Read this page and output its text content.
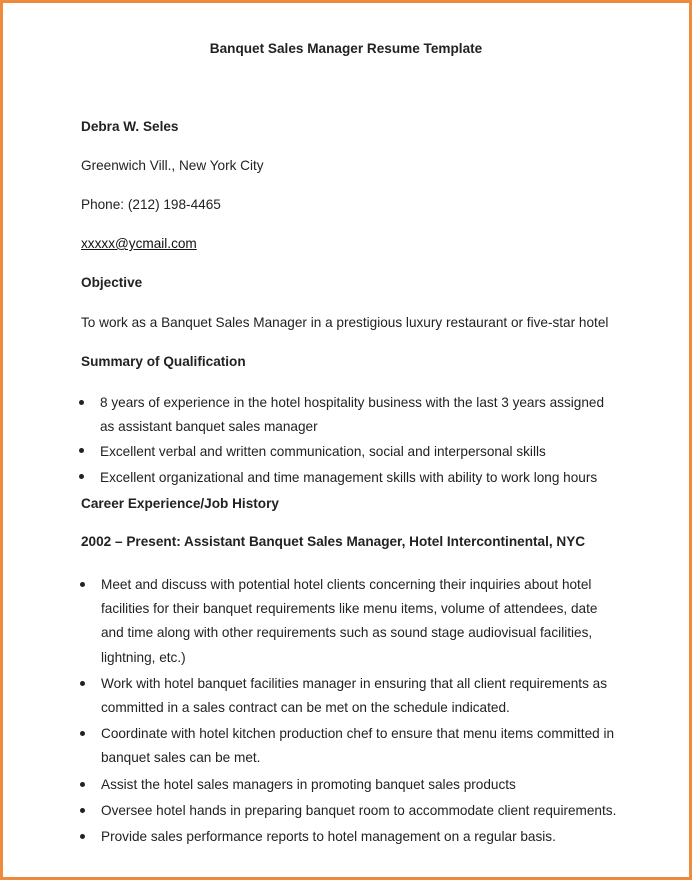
Banquet Sales Manager Resume Template
Debra W. Seles
Greenwich Vill., New York City
Phone: (212) 198-4465
xxxxx@ycmail.com
Objective
To work as a Banquet Sales Manager in a prestigious luxury restaurant or five-star hotel
Summary of Qualification
8 years of experience in the hotel hospitality business with the last 3 years assigned
as assistant banquet sales manager
Excellent verbal and written communication, social and interpersonal skills
Excellent organizational and time management skills with ability to work long hours
Career Experience/Job History
2002 – Present: Assistant Banquet Sales Manager, Hotel Intercontinental, NYC
Meet and discuss with potential hotel clients concerning their inquiries about hotel
facilities for their banquet requirements like menu items, volume of attendees, date
and time along with other requirements such as sound stage audiovisual facilities,
lightning, etc.)
Work with hotel banquet facilities manager in ensuring that all client requirements as
committed in a sales contract can be met on the schedule indicated.
Coordinate with hotel kitchen production chef to ensure that menu items committed in
banquet sales can be met.
Assist the hotel sales managers in promoting banquet sales products
Oversee hotel hands in preparing banquet room to accommodate client requirements.
Provide sales performance reports to hotel management on a regular basis.
